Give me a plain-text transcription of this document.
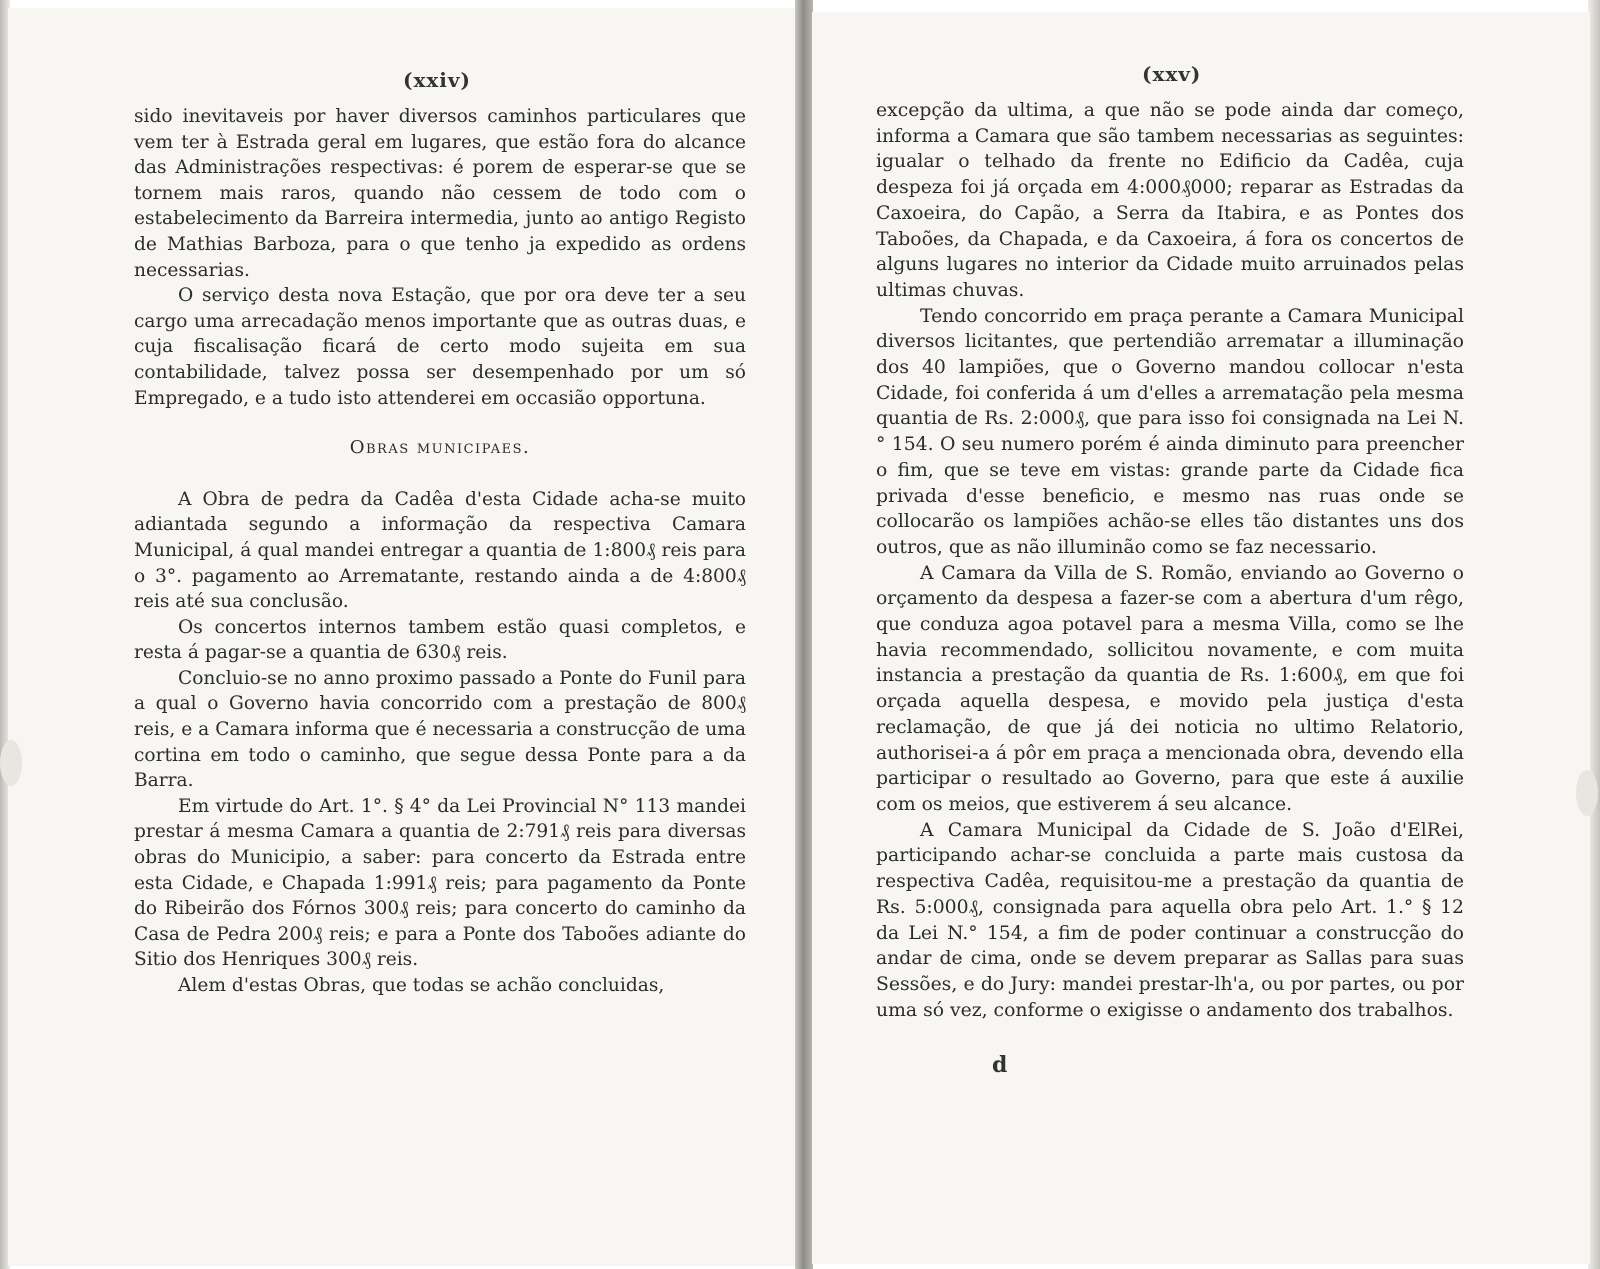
(xxiv)

sido inevitaveis por haver diversos caminhos particulares que vem ter à Estrada geral em lugares, que estão fora do alcance das Administrações respectivas: é porem de esperar-se que se tornem mais raros, quando não cessem de todo com o estabelecimento da Barreira intermedia, junto ao antigo Registo de Mathias Barboza, para o que tenho ja expedido as ordens necessarias.

O serviço desta nova Estação, que por ora deve ter a seu cargo uma arrecadação menos importante que as outras duas, e cuja fiscalisação ficará de certo modo sujeita em sua contabilidade, talvez possa ser desempenhado por um só Empregado, e a tudo isto attenderei em occasião opportuna.

Obras municipaes.

A Obra de pedra da Cadêa d'esta Cidade acha-se muito adiantada segundo a informação da respectiva Camara Municipal, á qual mandei entregar a quantia de 1:800₰ reis para o 3°. pagamento ao Arrematante, restando ainda a de 4:800₰ reis até sua conclusão.

Os concertos internos tambem estão quasi completos, e resta á pagar-se a quantia de 630₰ reis.

Concluio-se no anno proximo passado a Ponte do Funil para a qual o Governo havia concorrido com a prestação de 800₰ reis, e a Camara informa que é necessaria a construcção de uma cortina em todo o caminho, que segue dessa Ponte para a da Barra.

Em virtude do Art. 1°. § 4° da Lei Provincial N° 113 mandei prestar á mesma Camara a quantia de 2:791₰ reis para diversas obras do Municipio, a saber: para concerto da Estrada entre esta Cidade, e Chapada 1:991₰ reis; para pagamento da Ponte do Ribeirão dos Fórnos 300₰ reis; para concerto do caminho da Casa de Pedra 200₰ reis; e para a Ponte dos Taboões adiante do Sitio dos Henriques 300₰ reis.

Alem d'estas Obras, que todas se achão concluidas,

(xxv)

excepção da ultima, a que não se pode ainda dar começo, informa a Camara que são tambem necessarias as seguintes: igualar o telhado da frente no Edificio da Cadêa, cuja despeza foi já orçada em 4:000₰000; reparar as Estradas da Caxoeira, do Capão, a Serra da Itabira, e as Pontes dos Taboões, da Chapada, e da Caxoeira, á fora os concertos de alguns lugares no interior da Cidade muito arruinados pelas ultimas chuvas.

Tendo concorrido em praça perante a Camara Municipal diversos licitantes, que pertendião arrematar a illuminação dos 40 lampiões, que o Governo mandou collocar n'esta Cidade, foi conferida á um d'elles a arrematação pela mesma quantia de Rs. 2:000₰, que para isso foi consignada na Lei N.° 154. O seu numero porém é ainda diminuto para preencher o fim, que se teve em vistas: grande parte da Cidade fica privada d'esse beneficio, e mesmo nas ruas onde se collocarão os lampiões achão-se elles tão distantes uns dos outros, que as não illuminão como se faz necessario.

A Camara da Villa de S. Romão, enviando ao Governo o orçamento da despesa a fazer-se com a abertura d'um rêgo, que conduza agoa potavel para a mesma Villa, como se lhe havia recommendado, sollicitou novamente, e com muita instancia a prestação da quantia de Rs. 1:600₰, em que foi orçada aquella despesa, e movido pela justiça d'esta reclamação, de que já dei noticia no ultimo Relatorio, authorisei-a á pôr em praça a mencionada obra, devendo ella participar o resultado ao Governo, para que este á auxilie com os meios, que estiverem á seu alcance.

A Camara Municipal da Cidade de S. João d'ElRei, participando achar-se concluida a parte mais custosa da respectiva Cadêa, requisitou-me a prestação da quantia de Rs. 5:000₰, consignada para aquella obra pelo Art. 1.° § 12 da Lei N.° 154, a fim de poder continuar a construcção do andar de cima, onde se devem preparar as Sallas para suas Sessões, e do Jury: mandei prestar-lh'a, ou por partes, ou por uma só vez, conforme o exigisse o andamento dos trabalhos.

d
